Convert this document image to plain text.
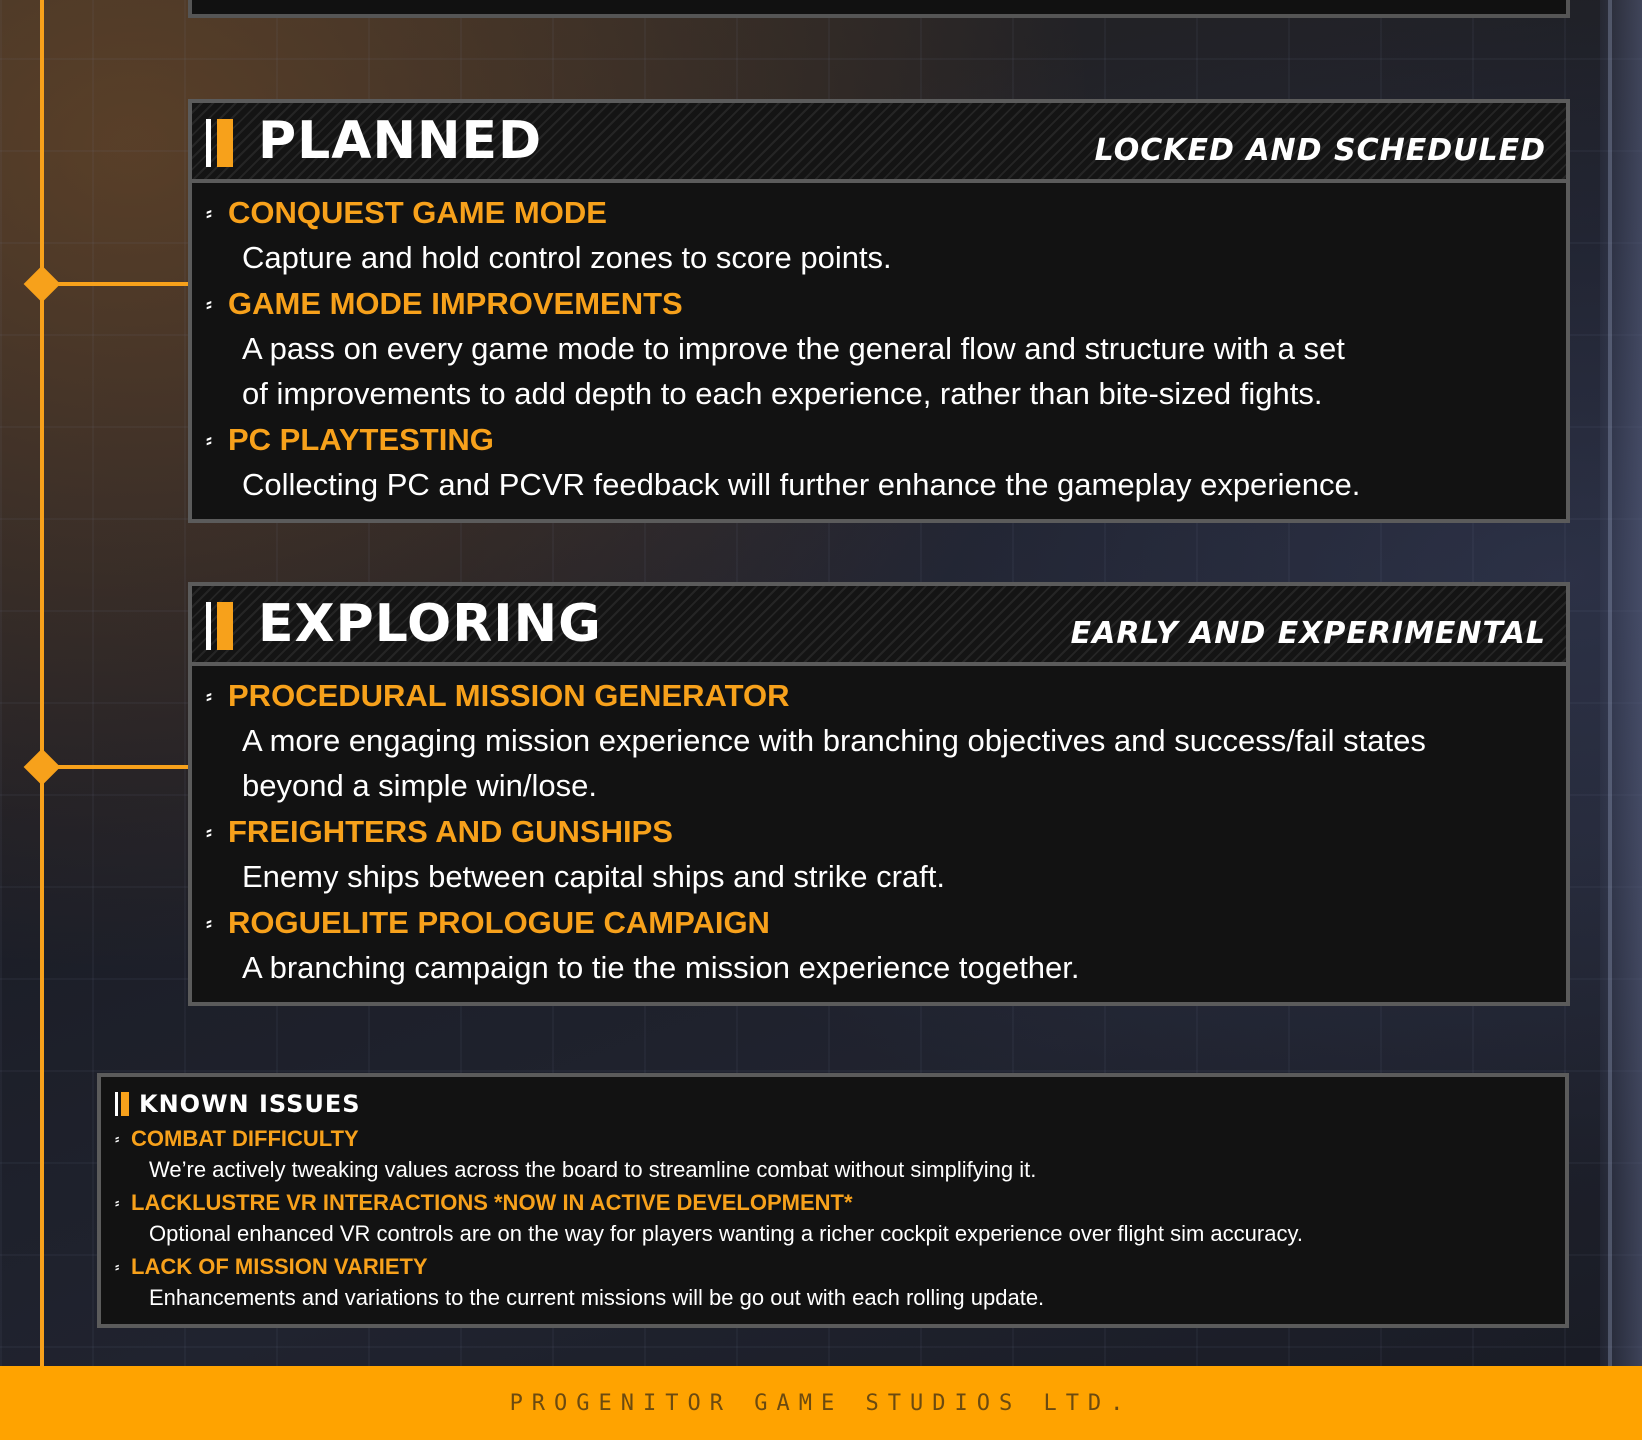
PLANNED	LOCKED AND SCHEDULED
⸗ CONQUEST GAME MODE
Capture and hold control zones to score points.
⸗ GAME MODE IMPROVEMENTS
A pass on every game mode to improve the general flow and structure with a set
of improvements to add depth to each experience, rather than bite-sized fights.
⸗ PC PLAYTESTING
Collecting PC and PCVR feedback will further enhance the gameplay experience.
EXPLORING	EARLY AND EXPERIMENTAL
⸗ PROCEDURAL MISSION GENERATOR
A more engaging mission experience with branching objectives and success/fail states
beyond a simple win/lose.
⸗ FREIGHTERS AND GUNSHIPS
Enemy ships between capital ships and strike craft.
⸗ ROGUELITE PROLOGUE CAMPAIGN
A branching campaign to tie the mission experience together.
KNOWN ISSUES
⸗ COMBAT DIFFICULTY
We’re actively tweaking values across the board to streamline combat without simplifying it.
⸗ LACKLUSTRE VR INTERACTIONS *NOW IN ACTIVE DEVELOPMENT*
Optional enhanced VR controls are on the way for players wanting a richer cockpit experience over flight sim accuracy.
⸗ LACK OF MISSION VARIETY
Enhancements and variations to the current missions will be go out with each rolling update.
PROGENITOR GAME STUDIOS LTD.
